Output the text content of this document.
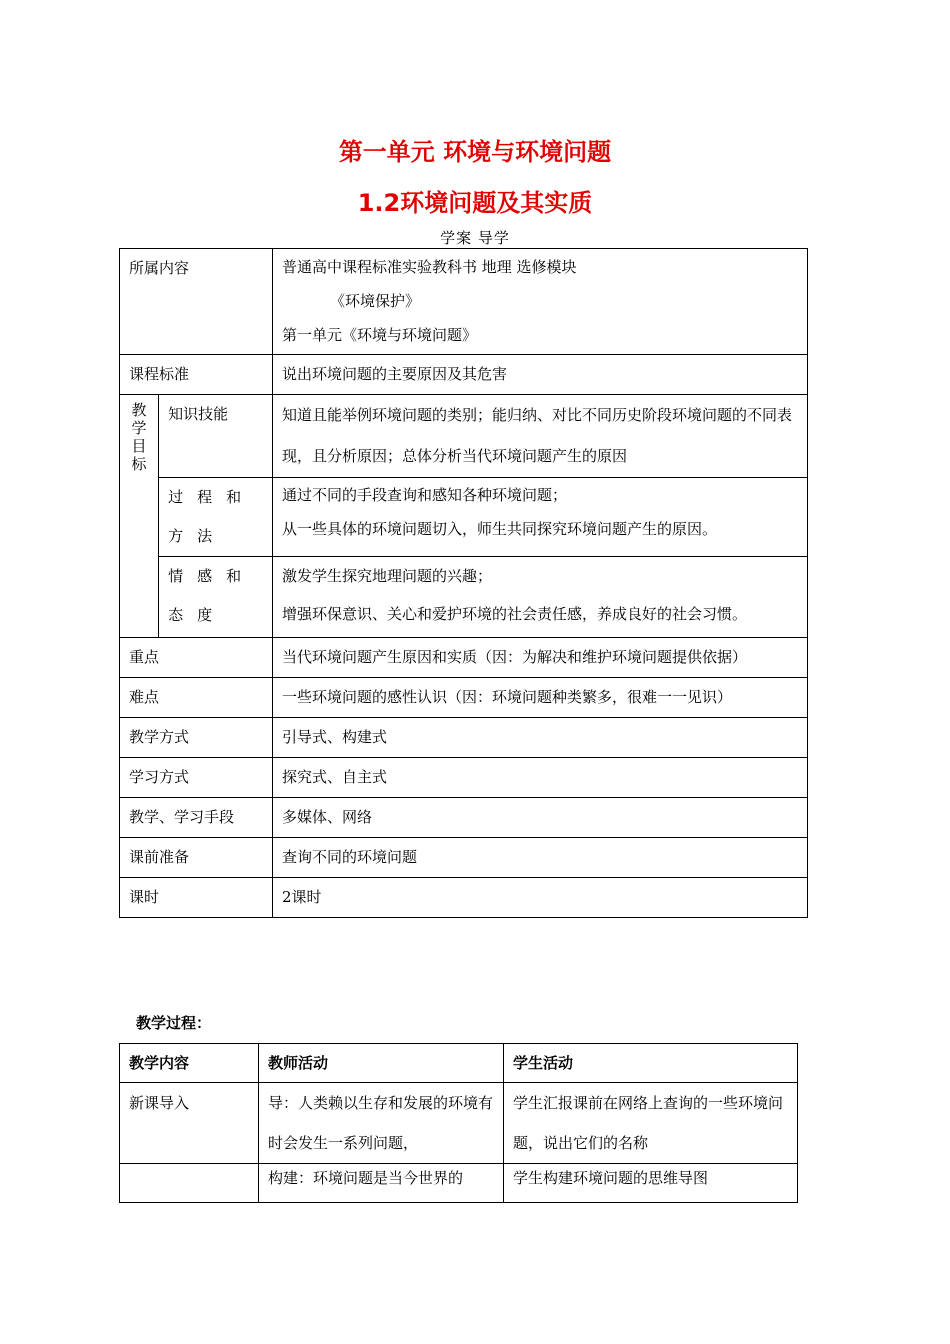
第一单元 环境与环境问题
1.2环境问题及其实质
学案 导学
所属内容		普通高中课程标准实验教科书 地理 选修模块
《环境保护》
第一单元《环境与环境问题》

课程标准		说出环境问题的主要原因及其危害

教
学
目
标	知识技能	知道且能举例环境问题的类别；能归纳、对比不同历史阶段环境问题的不同表现，且分析原因；总体分析当代环境问题产生的原因
	过程和方法	通过不同的手段查询和感知各种环境问题；
从一些具体的环境问题切入，师生共同探究环境问题产生的原因。

	情感和态度	激发学生探究地理问题的兴趣；
增强环保意识、关心和爱护环境的社会责任感，养成良好的社会习惯。

重点		当代环境问题产生原因和实质（因：为解决和维护环境问题提供依据）
难点		一些环境问题的感性认识（因：环境问题种类繁多，很难一一见识）
教学方式		引导式、构建式
学习方式		探究式、自主式
教学、学习手段		多媒体、网络
课前准备		查询不同的环境问题
课时		2课时
教学过程：
教学内容	教师活动	学生活动
新课导入	导：人类赖以生存和发展的环境有时会发生一系列问题，	学生汇报课前在网络上查询的一些环境问题，说出它们的名称
	构建：环境问题是当今世界的	学生构建环境问题的思维导图
